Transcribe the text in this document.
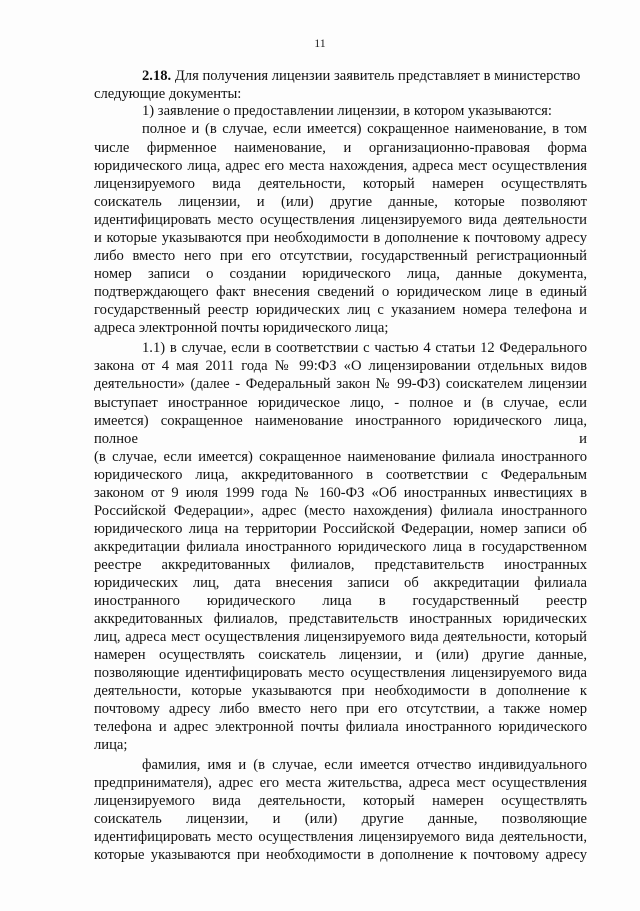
11
2.18. Для получения лицензии заявитель представляет в министерство
следующие документы:
1) заявление о предоставлении лицензии, в котором указываются:
полное и (в случае, если имеется) сокращенное наименование, в том
числе фирменное наименование, и организационно-правовая форма
юридического лица, адрес его места нахождения, адреса мест осуществления
лицензируемого вида деятельности, который намерен осуществлять
соискатель лицензии, и (или) другие данные, которые позволяют
идентифицировать место осуществления лицензируемого вида деятельности
и которые указываются при необходимости в дополнение к почтовому адресу
либо вместо него при его отсутствии, государственный регистрационный
номер записи о создании юридического лица, данные документа,
подтверждающего факт внесения сведений о юридическом лице в единый
государственный реестр юридических лиц с указанием номера телефона и
адреса электронной почты юридического лица;
1.1) в случае, если в соответствии с частью 4 статьи 12 Федерального
закона от 4 мая 2011 года № 99:ФЗ «О лицензировании отдельных видов
деятельности» (далее - Федеральный закон № 99-ФЗ) соискателем лицензии
выступает иностранное юридическое лицо, - полное и (в случае, если
имеется) сокращенное наименование иностранного юридического лица,
полное и
(в случае, если имеется) сокращенное наименование филиала иностранного
юридического лица, аккредитованного в соответствии с Федеральным
законом от 9 июля 1999 года № 160-ФЗ «Об иностранных инвестициях в
Российской Федерации», адрес (место нахождения) филиала иностранного
юридического лица на территории Российской Федерации, номер записи об
аккредитации филиала иностранного юридического лица в государственном
реестре аккредитованных филиалов, представительств иностранных
юридических лиц, дата внесения записи об аккредитации филиала
иностранного юридического лица в государственный реестр
аккредитованных филиалов, представительств иностранных юридических
лиц, адреса мест осуществления лицензируемого вида деятельности, который
намерен осуществлять соискатель лицензии, и (или) другие данные,
позволяющие идентифицировать место осуществления лицензируемого вида
деятельности, которые указываются при необходимости в дополнение к
почтовому адресу либо вместо него при его отсутствии, а также номер
телефона и адрес электронной почты филиала иностранного юридического
лица;
фамилия, имя и (в случае, если имеется отчество индивидуального
предпринимателя), адрес его места жительства, адреса мест осуществления
лицензируемого вида деятельности, который намерен осуществлять
соискатель лицензии, и (или) другие данные, позволяющие
идентифицировать место осуществления лицензируемого вида деятельности,
которые указываются при необходимости в дополнение к почтовому адресу
